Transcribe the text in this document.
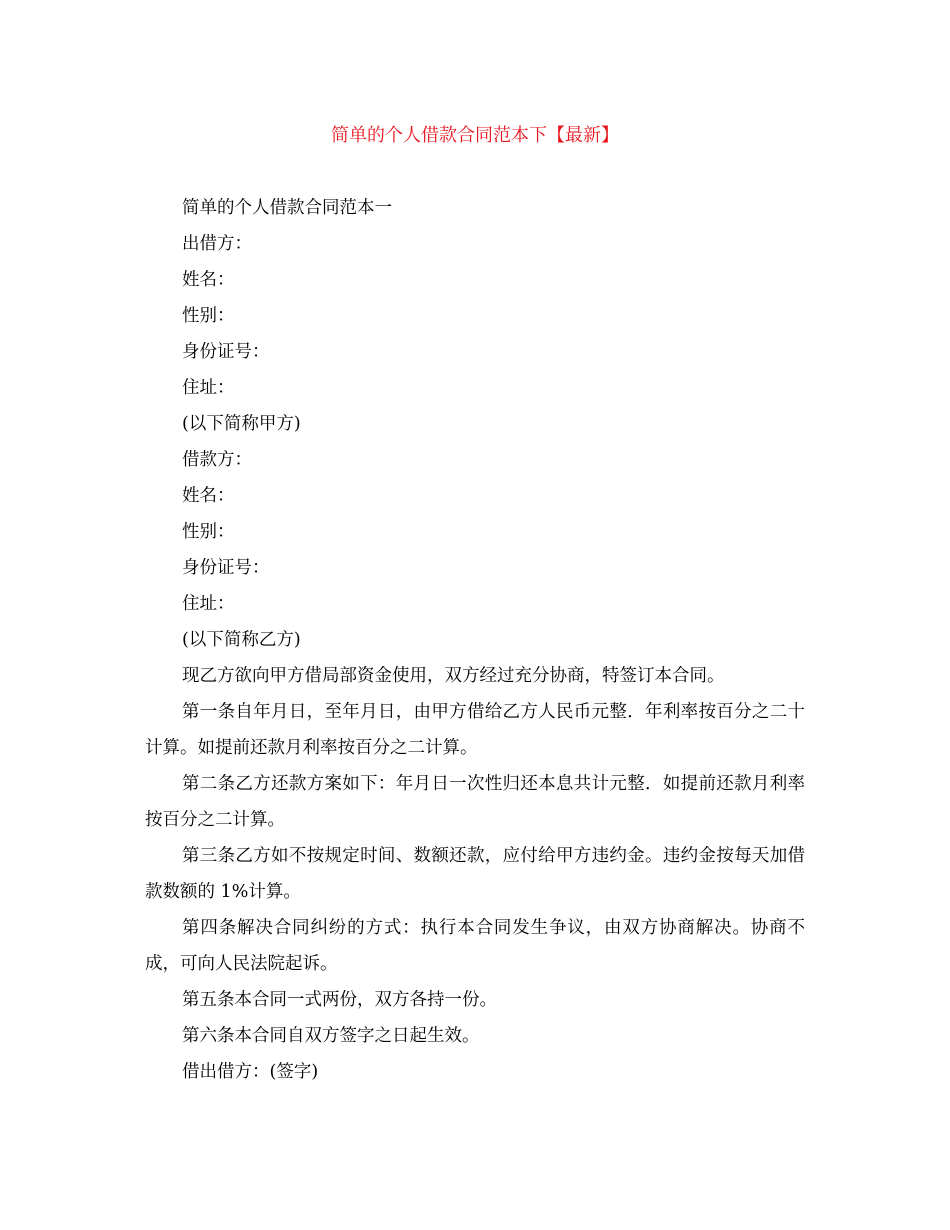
简单的个人借款合同范本下【最新】
简单的个人借款合同范本一
出借方：
姓名：
性别：
身份证号：
住址：
(以下简称甲方)
借款方：
姓名：
性别：
身份证号：
住址：
(以下简称乙方)
现乙方欲向甲方借局部资金使用，双方经过充分协商，特签订本合同。
第一条自年月日，至年月日，由甲方借给乙方人民币元整．年利率按百分之二十计算。如提前还款月利率按百分之二计算。
第二条乙方还款方案如下：年月日一次性归还本息共计元整．如提前还款月利率按百分之二计算。
第三条乙方如不按规定时间、数额还款，应付给甲方违约金。违约金按每天加借款数额的 1%计算。
第四条解决合同纠纷的方式：执行本合同发生争议，由双方协商解决。协商不成，可向人民法院起诉。
第五条本合同一式两份，双方各持一份。
第六条本合同自双方签字之日起生效。
借出借方：(签字)
